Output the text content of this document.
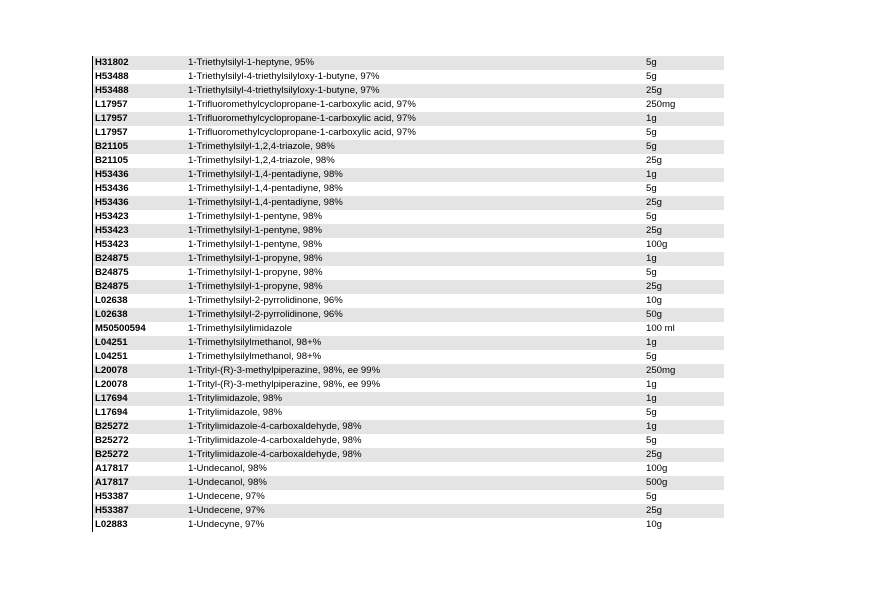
H31802	1-Triethylsilyl-1-heptyne, 95%	5g
H53488	1-Triethylsilyl-4-triethylsilyloxy-1-butyne, 97%	5g
H53488	1-Triethylsilyl-4-triethylsilyloxy-1-butyne, 97%	25g
L17957	1-Trifluoromethylcyclopropane-1-carboxylic acid, 97%	250mg
L17957	1-Trifluoromethylcyclopropane-1-carboxylic acid, 97%	1g
L17957	1-Trifluoromethylcyclopropane-1-carboxylic acid, 97%	5g
B21105	1-Trimethylsilyl-1,2,4-triazole, 98%	5g
B21105	1-Trimethylsilyl-1,2,4-triazole, 98%	25g
H53436	1-Trimethylsilyl-1,4-pentadiyne, 98%	1g
H53436	1-Trimethylsilyl-1,4-pentadiyne, 98%	5g
H53436	1-Trimethylsilyl-1,4-pentadiyne, 98%	25g
H53423	1-Trimethylsilyl-1-pentyne, 98%	5g
H53423	1-Trimethylsilyl-1-pentyne, 98%	25g
H53423	1-Trimethylsilyl-1-pentyne, 98%	100g
B24875	1-Trimethylsilyl-1-propyne, 98%	1g
B24875	1-Trimethylsilyl-1-propyne, 98%	5g
B24875	1-Trimethylsilyl-1-propyne, 98%	25g
L02638	1-Trimethylsilyl-2-pyrrolidinone, 96%	10g
L02638	1-Trimethylsilyl-2-pyrrolidinone, 96%	50g
M50500594	1-Trimethylsilylimidazole	100 ml
L04251	1-Trimethylsilylmethanol, 98+%	1g
L04251	1-Trimethylsilylmethanol, 98+%	5g
L20078	1-Trityl-(R)-3-methylpiperazine, 98%, ee 99%	250mg
L20078	1-Trityl-(R)-3-methylpiperazine, 98%, ee 99%	1g
L17694	1-Tritylimidazole, 98%	1g
L17694	1-Tritylimidazole, 98%	5g
B25272	1-Tritylimidazole-4-carboxaldehyde, 98%	1g
B25272	1-Tritylimidazole-4-carboxaldehyde, 98%	5g
B25272	1-Tritylimidazole-4-carboxaldehyde, 98%	25g
A17817	1-Undecanol, 98%	100g
A17817	1-Undecanol, 98%	500g
H53387	1-Undecene, 97%	5g
H53387	1-Undecene, 97%	25g
L02883	1-Undecyne, 97%	10g
